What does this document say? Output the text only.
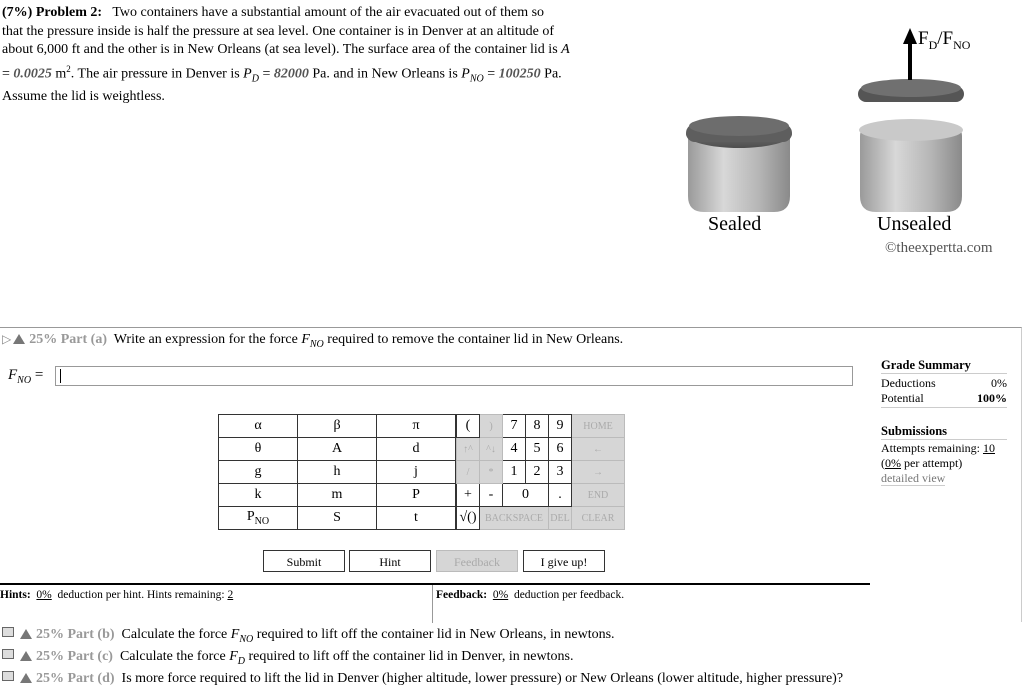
(7%) Problem 2: Two containers have a substantial amount of the air evacuated out of them so
that the pressure inside is half the pressure at sea level. One container is in Denver at an altitude of
about 6,000 ft and the other is in New Orleans (at sea level). The surface area of the container lid is A
= 0.0025 $m^2$. The air pressure in Denver is $P_D = 82000$ Pa. and in New Orleans is $P_{NO} = 100250$ Pa.
Assume the lid is weightless.
$F_D/F_{NO}$
Sealed	Unsealed
©theexpertta.com
▷ 25% Part (a) Write an expression for the force $F_{NO}$ required to remove the container lid in New Orleans.
$F_{NO}$ =
α	β	π
θ	A	d
g	h	j
k	m	P
$P_{NO}$	S	t
(	)	7	8	9	HOME
↑^	^↓	4	5	6	←
/	*	1	2	3	→
+	-	0		.	END
√()	BACKSPACE			DEL	CLEAR
Submit	Hint	Feedback	I give up!
Hints: 0% deduction per hint. Hints remaining: 2	Feedback: 0% deduction per feedback.
Grade Summary
Deductions	0%
Potential	100%
Submissions
Attempts remaining: 10
(0% per attempt)
detailed view
25% Part (b) Calculate the force $F_{NO}$ required to lift off the container lid in New Orleans, in newtons.
25% Part (c) Calculate the force $F_D$ required to lift off the container lid in Denver, in newtons.
25% Part (d) Is more force required to lift the lid in Denver (higher altitude, lower pressure) or New Orleans (lower altitude, higher pressure)?
